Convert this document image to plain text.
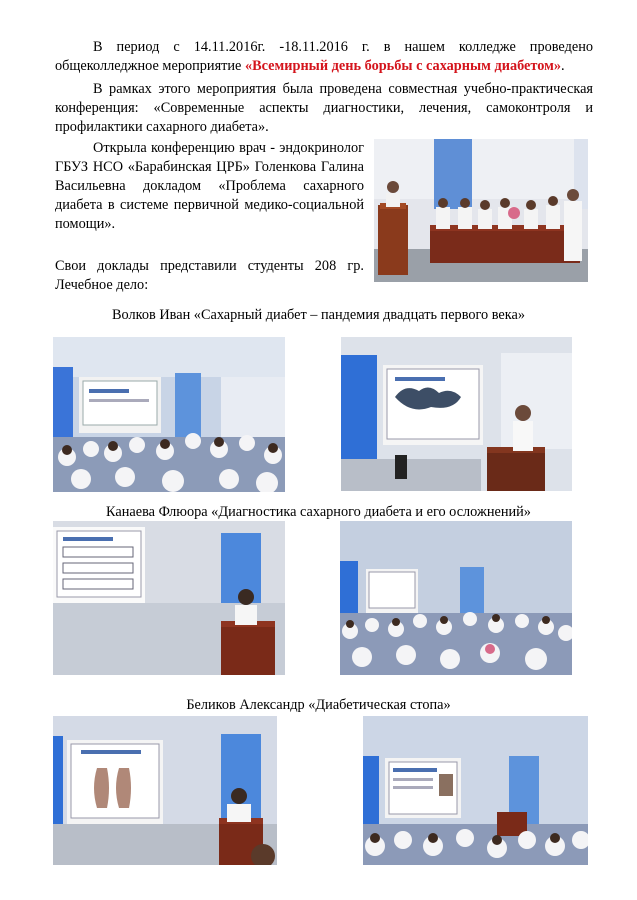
В период с 14.11.2016г. -18.11.2016 г. в нашем колледже проведено общеколледжное мероприятие «Всемирный день борьбы с сахарным диабетом».
В рамках этого мероприятия была проведена совместная учебно-практическая конференция: «Современные аспекты диагностики, лечения, самоконтроля и профилактики сахарного диабета».
Открыла конференцию врач - эндокринолог ГБУЗ НСО «Барабинская ЦРБ» Голенкова Галина Васильевна докладом «Проблема сахарного диабета в системе первичной медико-социальной помощи».
Свои доклады представили студенты 208 гр. Лечебное дело:
Волков Иван «Сахарный диабет – пандемия двадцать первого века»
Канаева Флюора «Диагностика сахарного диабета и его осложнений»
Беликов Александр «Диабетическая стопа»
